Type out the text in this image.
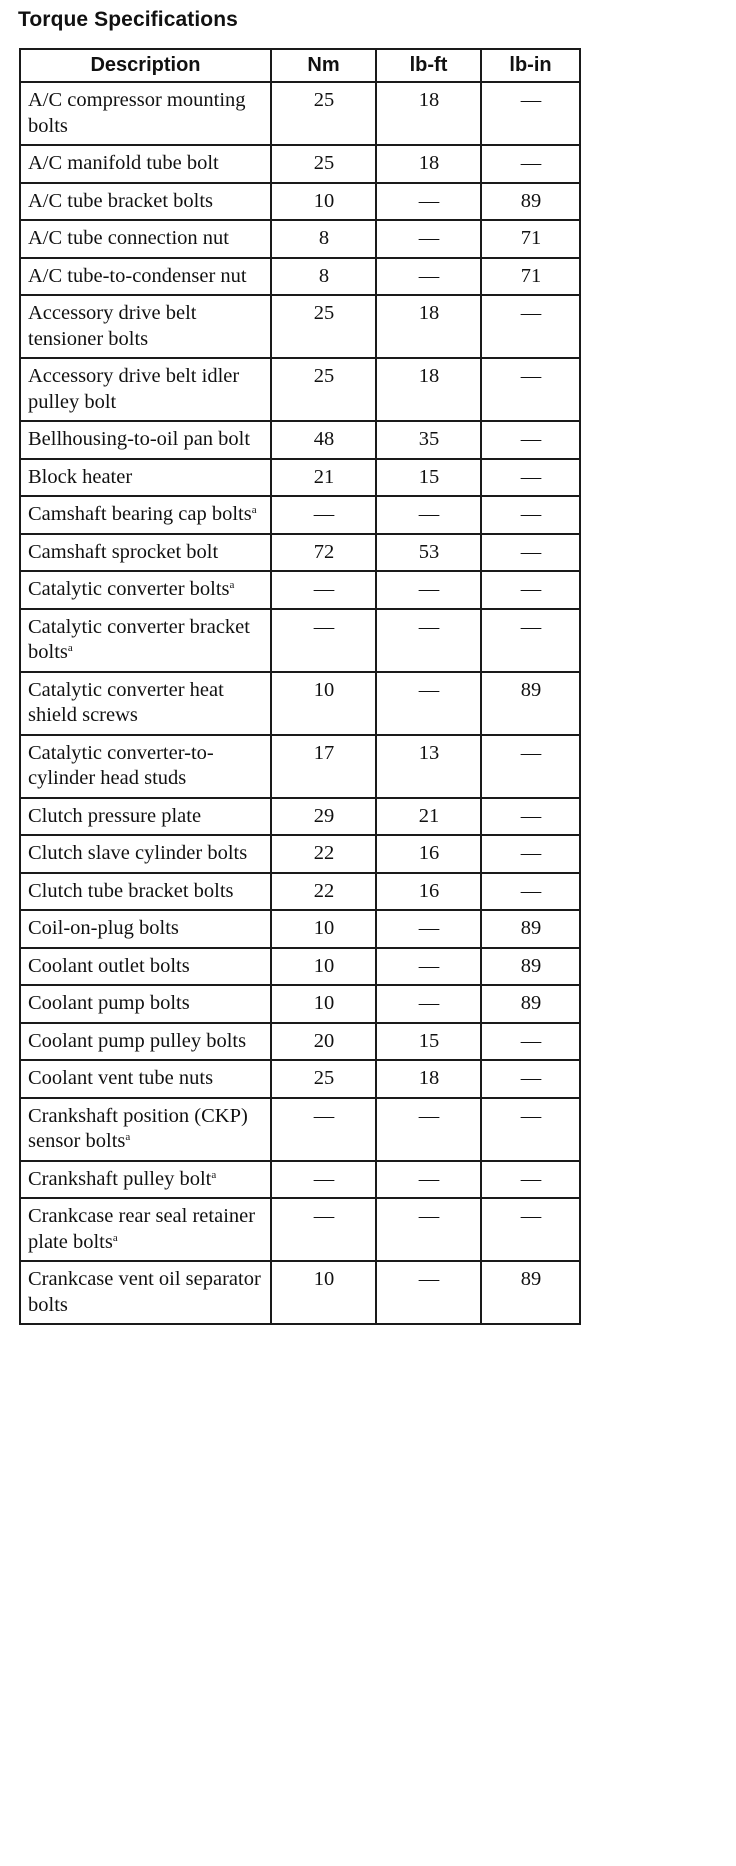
Torque Specifications
Description	Nm	lb-ft	lb-in
A/C compressor mounting bolts	25	18	—
A/C manifold tube bolt	25	18	—
A/C tube bracket bolts	10	—	89
A/C tube connection nut	8	—	71
A/C tube-to-condenser nut	8	—	71
Accessory drive belt tensioner bolts	25	18	—
Accessory drive belt idler pulley bolt	25	18	—
Bellhousing-to-oil pan bolt	48	35	—
Block heater	21	15	—
Camshaft bearing cap bolts$^a$	—	—	—
Camshaft sprocket bolt	72	53	—
Catalytic converter bolts$^a$	—	—	—
Catalytic converter bracket bolts$^a$	—	—	—
Catalytic converter heat shield screws	10	—	89
Catalytic converter-to-cylinder head studs	17	13	—
Clutch pressure plate	29	21	—
Clutch slave cylinder bolts	22	16	—
Clutch tube bracket bolts	22	16	—
Coil-on-plug bolts	10	—	89
Coolant outlet bolts	10	—	89
Coolant pump bolts	10	—	89
Coolant pump pulley bolts	20	15	—
Coolant vent tube nuts	25	18	—
Crankshaft position (CKP) sensor bolts$^a$	—	—	—
Crankshaft pulley bolt$^a$	—	—	—
Crankcase rear seal retainer plate bolts$^a$	—	—	—
Crankcase vent oil separator bolts	10	—	89
